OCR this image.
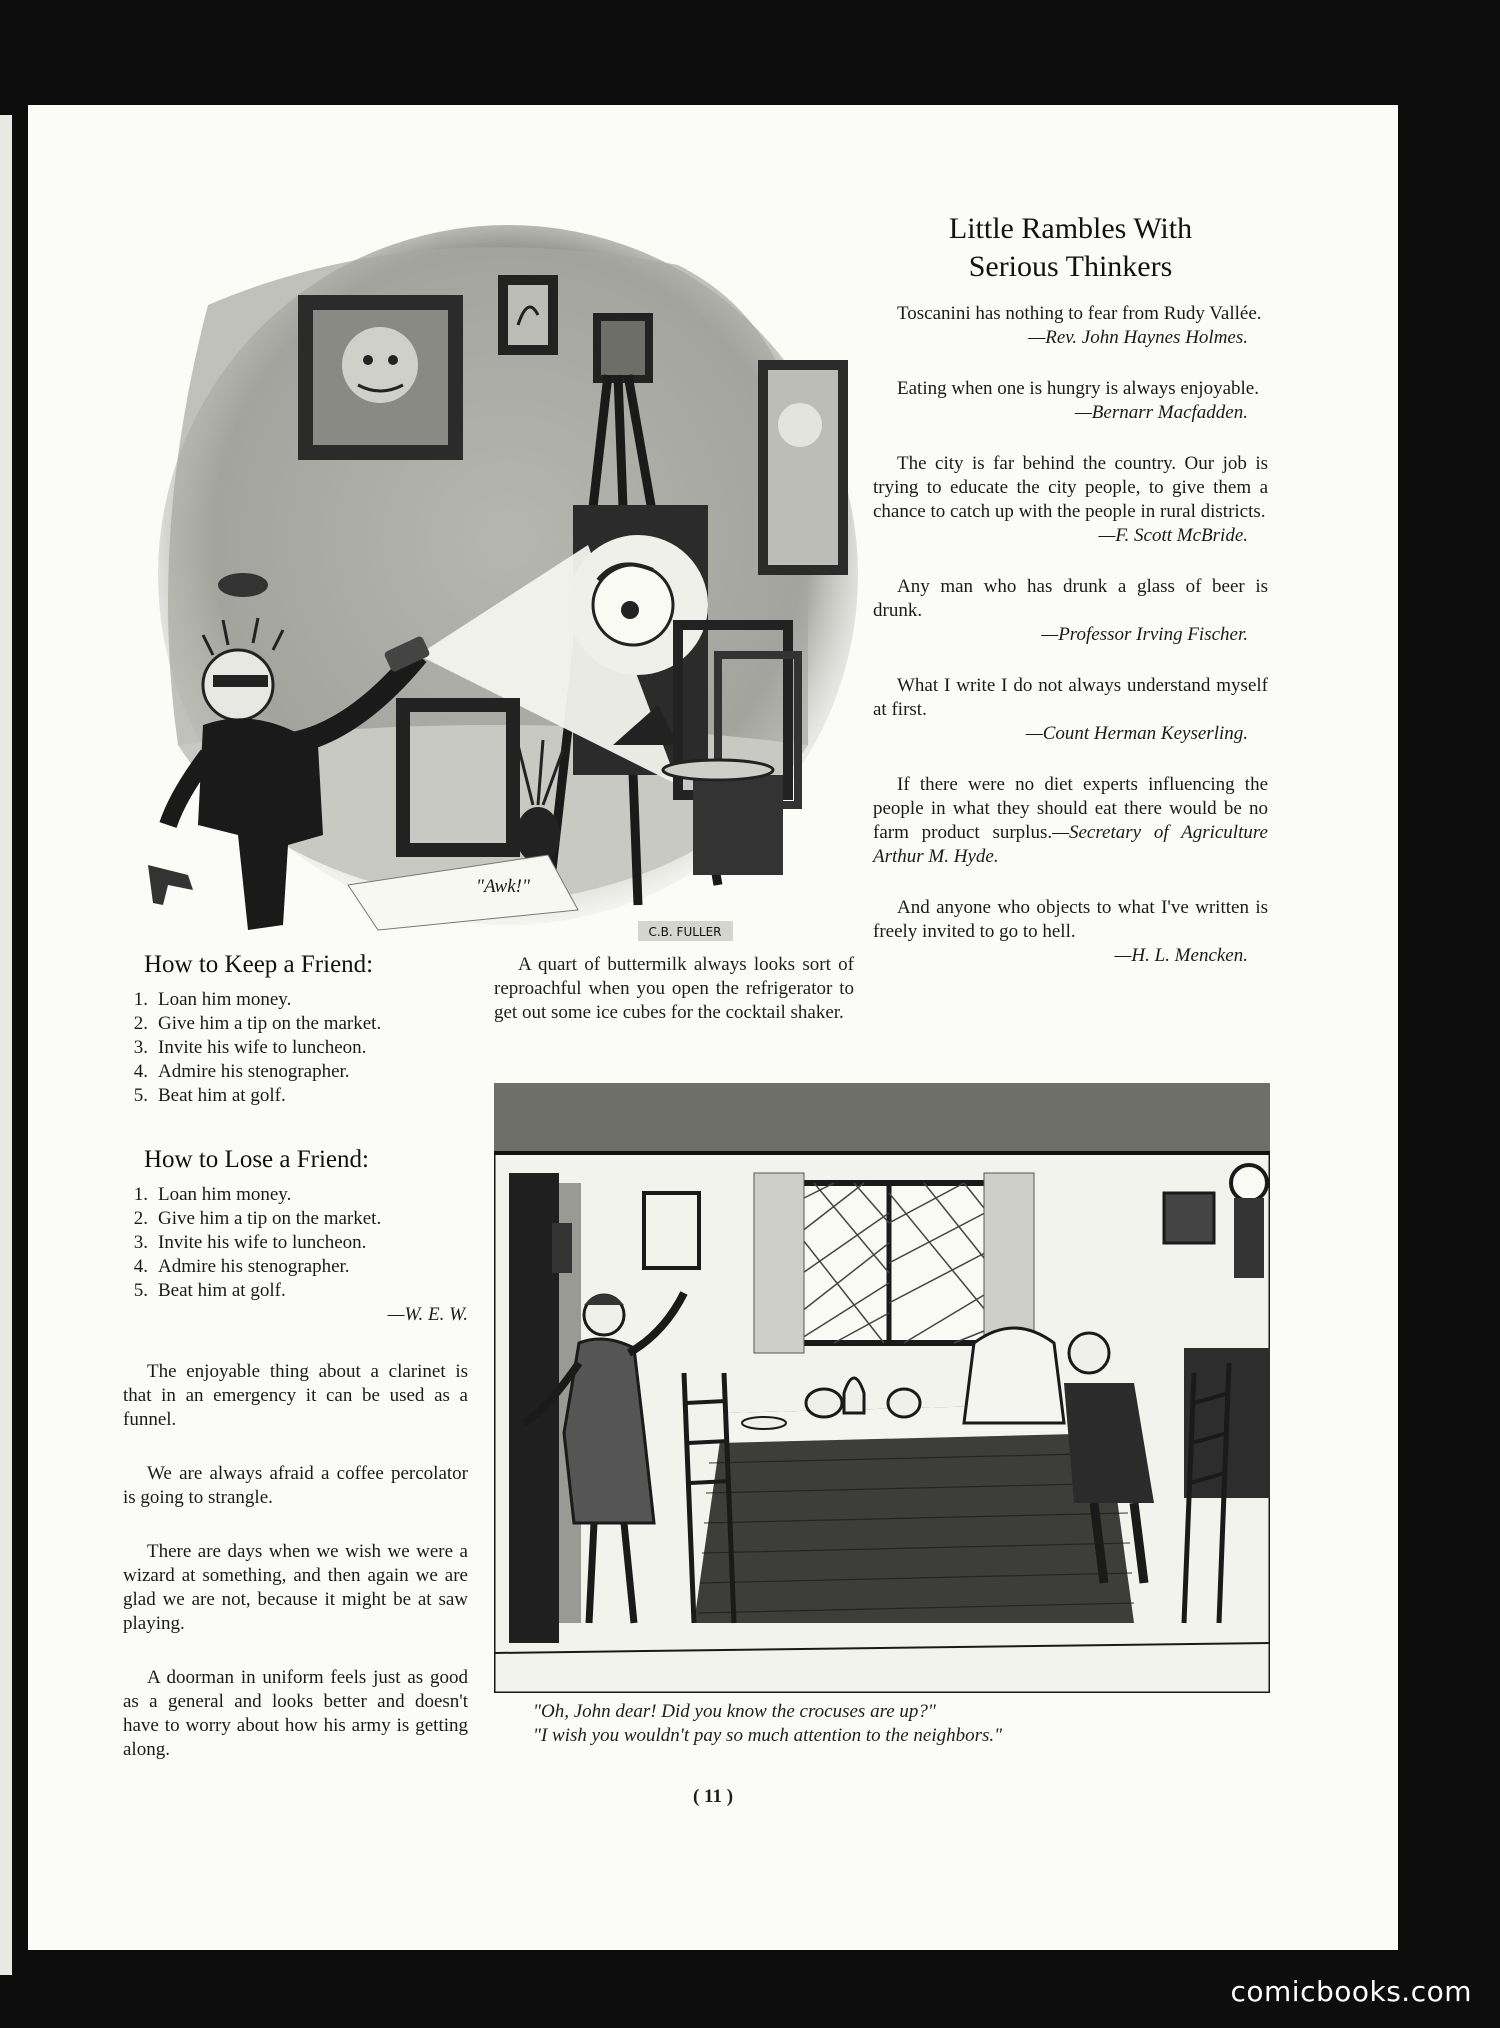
C.B. FULLER
"Awk!"
Little Rambles With
Serious Thinkers

Toscanini has nothing to fear from Rudy Vallée.

—Rev. John Haynes Holmes.

Eating when one is hungry is always enjoyable.

—Bernarr Macfadden.

The city is far behind the country. Our job is trying to educate the city people, to give them a chance to catch up with the people in rural districts.

—F. Scott McBride.

Any man who has drunk a glass of beer is drunk.

—Professor Irving Fischer.

What I write I do not always understand myself at first.

—Count Herman Keyserling.

If there were no diet experts influencing the people in what they should eat there would be no farm product surplus.—Secretary of Agriculture Arthur M. Hyde.

And anyone who objects to what I've written is freely invited to go to hell.

—H. L. Mencken.
How to Keep a Friend:
1. Loan him money.
2. Give him a tip on the market.
3. Invite his wife to luncheon.
4. Admire his stenographer.
5. Beat him at golf.
How to Lose a Friend:
1. Loan him money.
2. Give him a tip on the market.
3. Invite his wife to luncheon.
4. Admire his stenographer.
5. Beat him at golf.
—W. E. W.
A quart of buttermilk always looks sort of reproachful when you open the refrigerator to get out some ice cubes for the cocktail shaker.

The enjoyable thing about a clarinet is that in an emergency it can be used as a funnel.

We are always afraid a coffee percolator is going to strangle.

There are days when we wish we were a wizard at something, and then again we are glad we are not, because it might be at saw playing.

A doorman in uniform feels just as good as a general and looks better and doesn't have to worry about how his army is getting along.

"Oh, John dear! Did you know the crocuses are up?"
"I wish you wouldn't pay so much attention to the neighbors."
( 11 )
comicbooks.com
